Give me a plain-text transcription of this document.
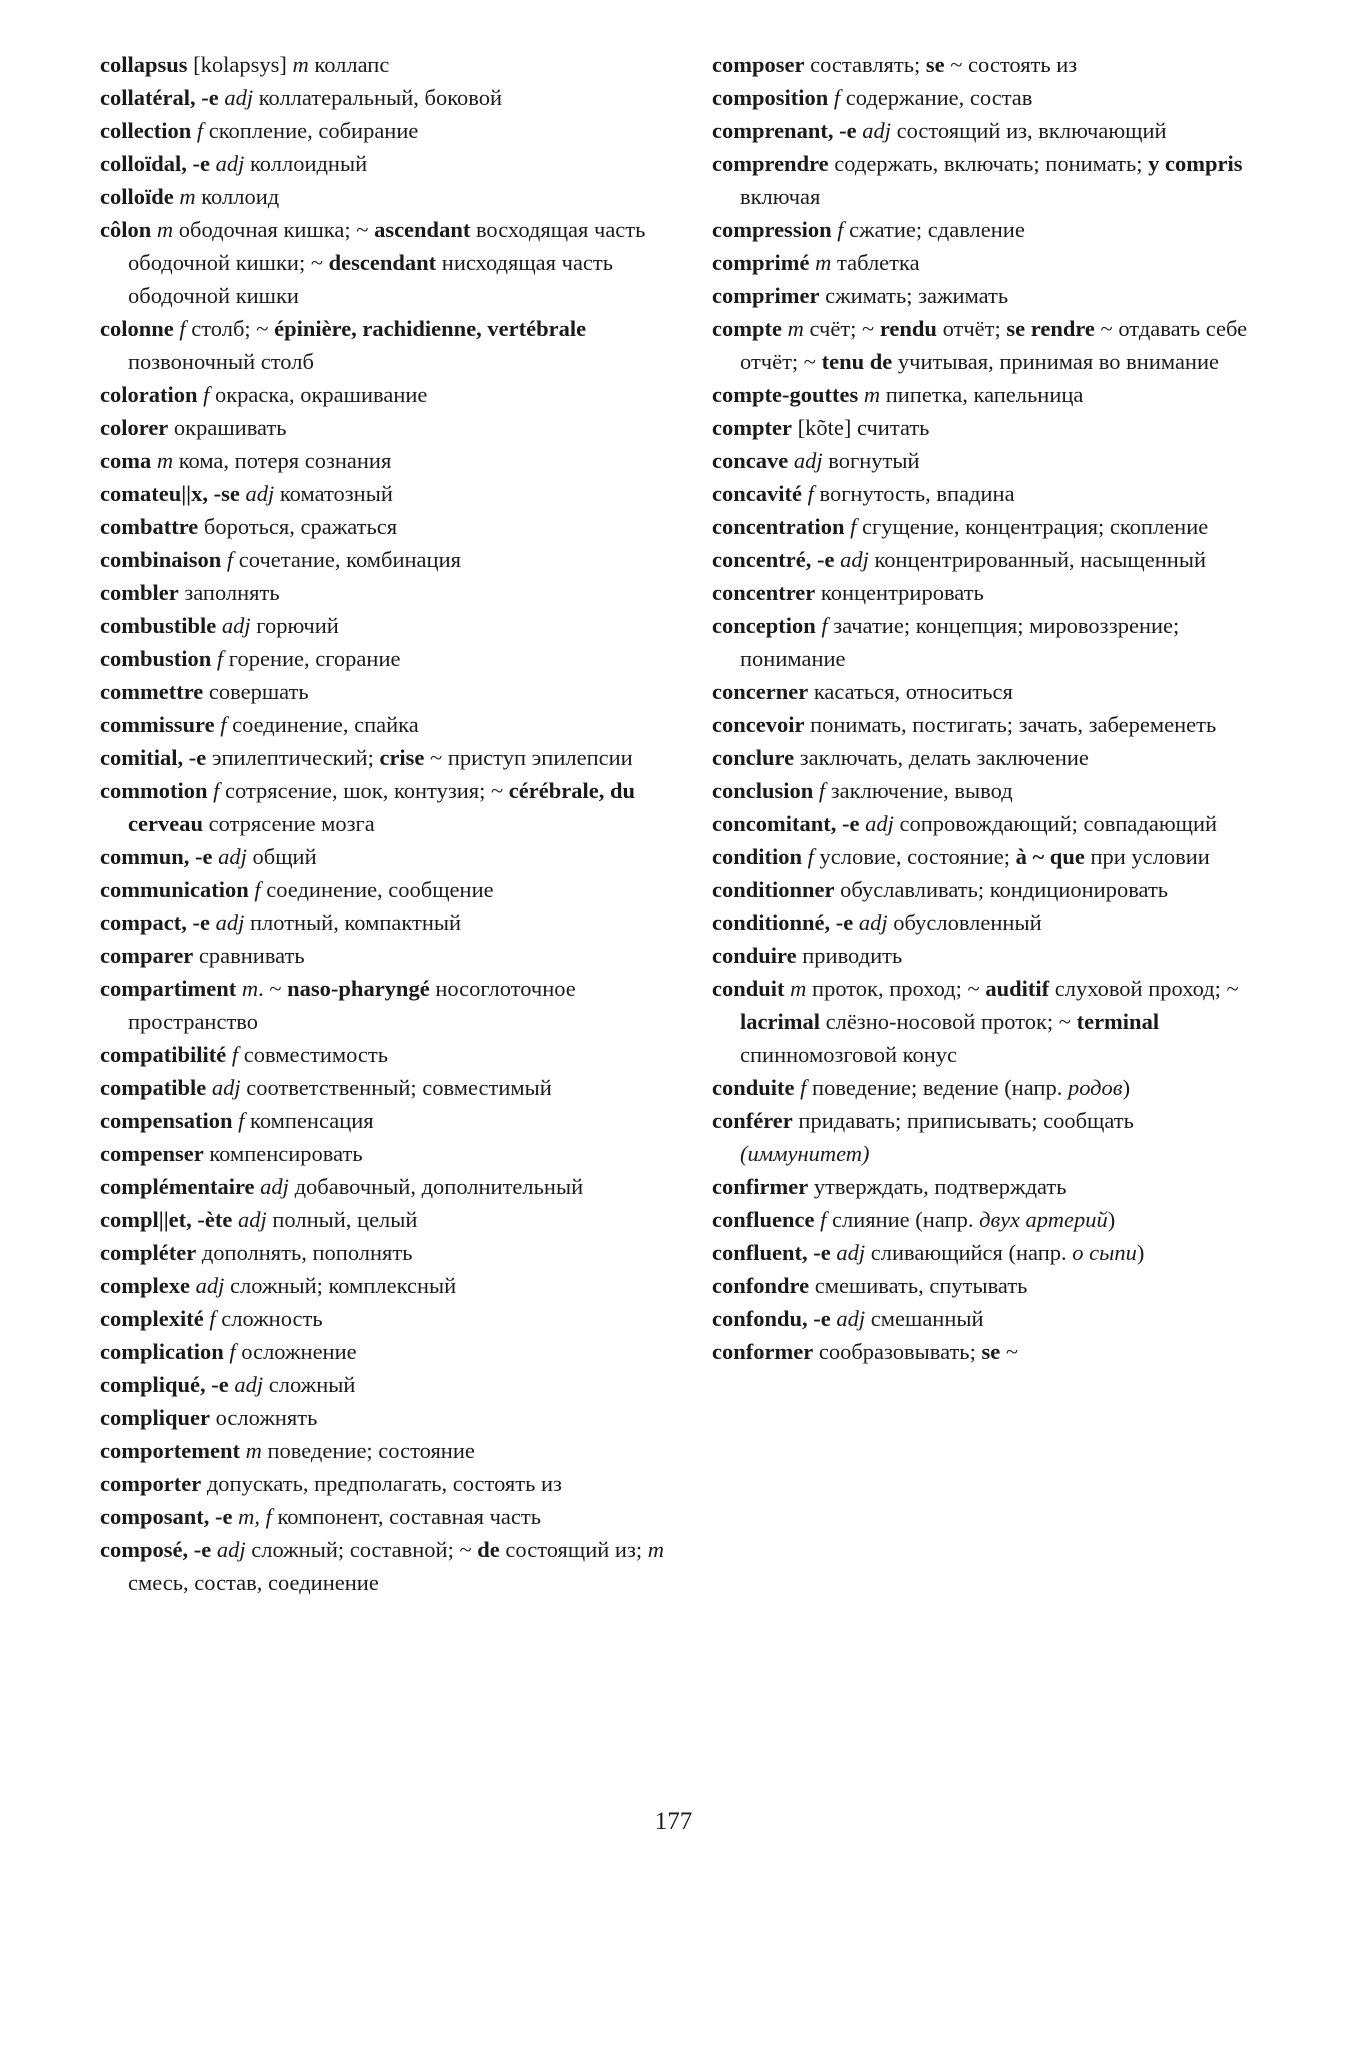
collapsus [kolapsys] m коллапс

collatéral, -e adj коллатеральный, боковой

collection f скопление, собирание

colloïdal, -e adj коллоидный

colloïde m коллоид

côlon m ободочная кишка; ~ ascendant восходящая часть ободочной кишки; ~ descendant нисходящая часть ободочной кишки

colonne f столб; ~ épinière, rachidienne, vertébrale позвоночный столб

coloration f окраска, окрашивание

colorer окрашивать

coma m кома, потеря сознания

comateu||x, -se adj коматозный

combattre бороться, сражаться

combinaison f сочетание, комбинация

combler заполнять

combustible adj горючий

combustion f горение, сгорание

commettre совершать

commissure f соединение, спайка

comitial, -e эпилептический; crise ~ приступ эпилепсии

commotion f сотрясение, шок, контузия; ~ cérébrale, du cerveau сотрясение мозга

commun, -e adj общий

communication f соединение, сообщение

compact, -e adj плотный, компактный

comparer сравнивать

compartiment m. ~ naso-pharyngé носоглоточное пространство

compatibilité f совместимость

compatible adj соответственный; совместимый

compensation f компенсация

compenser компенсировать

complémentaire adj добавочный, дополнительный

compl||et, -ète adj полный, целый

compléter дополнять, пополнять

complexe adj сложный; комплексный

complexité f сложность

complication f осложнение

compliqué, -e adj сложный

compliquer осложнять

comportement m поведение; состояние

comporter допускать, предполагать, состоять из

composant, -e m, f компонент, составная часть

composé, -e adj сложный; составной; ~ de состоящий из; m смесь, состав, соединение

composer составлять; se ~ состоять из

composition f содержание, состав

comprenant, -e adj состоящий из, включающий

comprendre содержать, включать; понимать; y compris включая

compression f сжатие; сдавление

comprimé m таблетка

comprimer сжимать; зажимать

compte m счёт; ~ rendu отчёт; se rendre ~ отдавать себе отчёт; ~ tenu de учитывая, принимая во внимание

compte-gouttes m пипетка, капельница

compter [kõte] считать

concave adj вогнутый

concavité f вогнутость, впадина

concentration f сгущение, концентрация; скопление

concentré, -e adj концентрированный, насыщенный

concentrer концентрировать

conception f зачатие; концепция; мировоззрение; понимание

concerner касаться, относиться

concevoir понимать, постигать; зачать, забеременеть

conclure заключать, делать заключение

conclusion f заключение, вывод

concomitant, -e adj сопровождающий; совпадающий

condition f условие, состояние; à ~ que при условии

conditionner обуславливать; кондиционировать

conditionné, -e adj обусловленный

conduire приводить

conduit m проток, проход; ~ auditif слуховой проход; ~ lacrimal слёзно-носовой проток; ~ terminal спинномозговой конус

conduite f поведение; ведение (напр. родов)

conférer придавать; приписывать; сообщать (иммунитет)

confirmer утверждать, подтверждать

confluence f слияние (напр. двух артерий)

confluent, -e adj сливающийся (напр. о сыпи)

confondre смешивать, спутывать

confondu, -e adj смешанный

conformer сообразовывать; se ~

177
